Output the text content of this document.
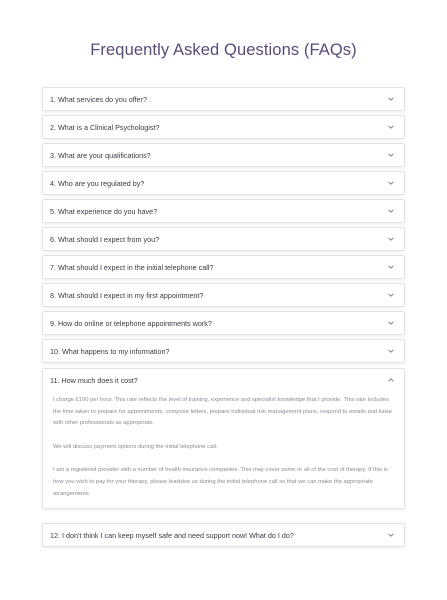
Frequently Asked Questions (FAQs)
1. What services do you offer?
2. What is a Clinical Psychologist?
3. What are your qualifications?
4. Who are you regulated by?
5. What experience do you have?
6. What should I expect from you?
7. What should I expect in the initial telephone call?
8. What should I expect in my first appointment?
9. How do online or telephone appointments work?
10. What happens to my information?
11. How much does it cost?

I charge £100 per hour. This rate reflects the level of training, experience and specialist knowledge that I provide. This rate includes the time taken to prepare for appointments, compose letters, prepare individual risk management plans, respond to emails and liaise with other professionals as appropriate.

We will discuss payment options during the initial telephone call.

I am a registered provider with a number of health insurance companies. This may cover some or all of the cost of therapy. If this is how you wish to pay for your therapy, please leadvise us during the initial telephone call so that we can make the appropriate arrangements.

12. I don't think I can keep myself safe and need support now! What do I do?
